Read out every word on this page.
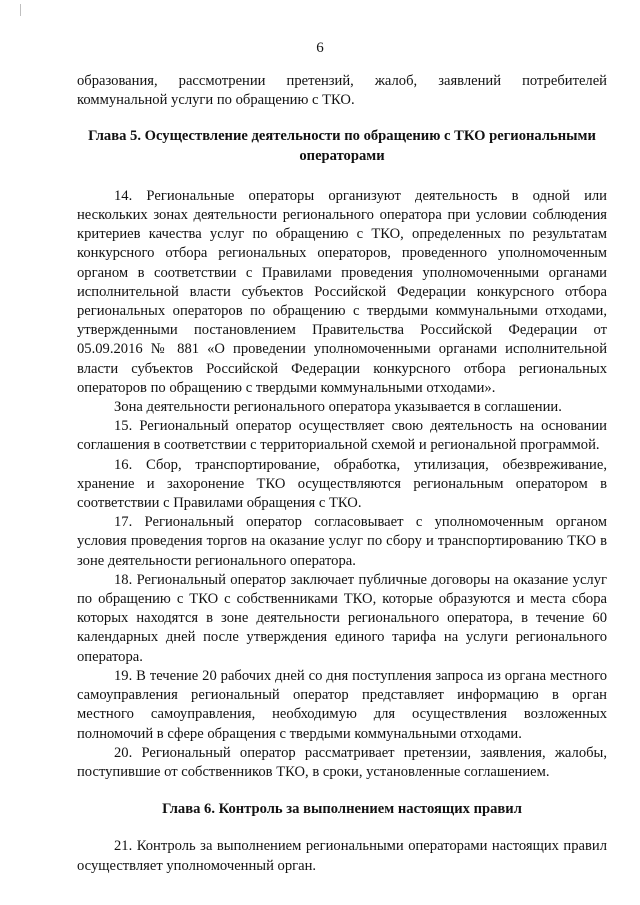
6

образования, рассмотрении претензий, жалоб, заявлений потребителей коммунальной услуги по обращению с ТКО.

Глава 5. Осуществление деятельности по обращению с ТКО региональными операторами

14. Региональные операторы организуют деятельность в одной или нескольких зонах деятельности регионального оператора при условии соблюдения критериев качества услуг по обращению с ТКО, определенных по результатам конкурсного отбора региональных операторов, проведенного уполномоченным органом в соответствии с Правилами проведения уполномоченными органами исполнительной власти субъектов Российской Федерации конкурсного отбора региональных операторов по обращению с твердыми коммунальными отходами, утвержденными постановлением Правительства Российской Федерации от 05.09.2016 № 881 «О проведении уполномоченными органами исполнительной власти субъектов Российской Федерации конкурсного отбора региональных операторов по обращению с твердыми коммунальными отходами».

Зона деятельности регионального оператора указывается в соглашении.

15. Региональный оператор осуществляет свою деятельность на основании соглашения в соответствии с территориальной схемой и региональной программой.

16. Сбор, транспортирование, обработка, утилизация, обезвреживание, хранение и захоронение ТКО осуществляются региональным оператором в соответствии с Правилами обращения с ТКО.

17. Региональный оператор согласовывает с уполномоченным органом условия проведения торгов на оказание услуг по сбору и транспортированию ТКО в зоне деятельности регионального оператора.

18. Региональный оператор заключает публичные договоры на оказание услуг по обращению с ТКО с собственниками ТКО, которые образуются и места сбора которых находятся в зоне деятельности регионального оператора, в течение 60 календарных дней после утверждения единого тарифа на услуги регионального оператора.

19. В течение 20 рабочих дней со дня поступления запроса из органа местного самоуправления региональный оператор представляет информацию в орган местного самоуправления, необходимую для осуществления возложенных полномочий в сфере обращения с твердыми коммунальными отходами.

20. Региональный оператор рассматривает претензии, заявления, жалобы, поступившие от собственников ТКО, в сроки, установленные соглашением.

Глава 6. Контроль за выполнением настоящих правил

21. Контроль за выполнением региональными операторами настоящих правил осуществляет уполномоченный орган.
